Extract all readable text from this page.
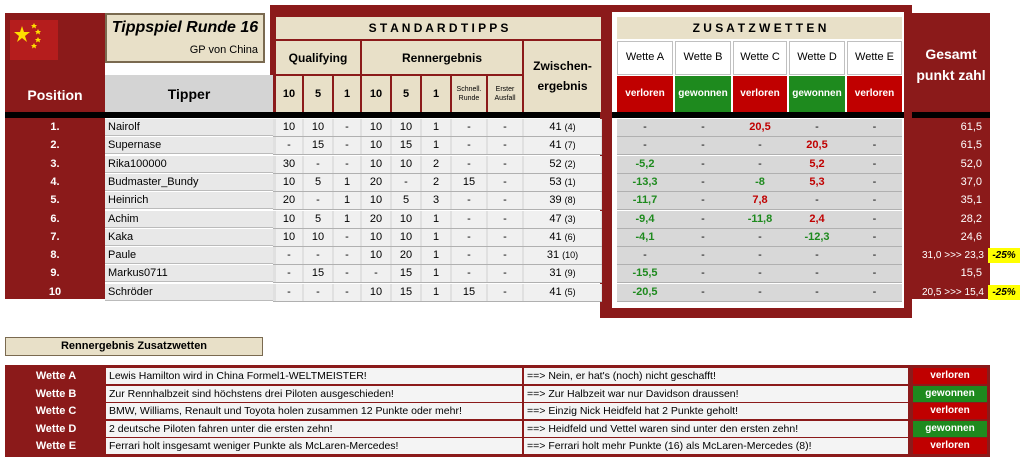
Tippspiel Runde 16
GP von China
S T A N D A R D T I P P S	Z U S A T Z W E T T E N
Gesamt punkt zahl
Position	Tipper
Qualifying	Rennergebnis
Zwischen-ergebnis
10	5	1	10	5	1	Schnell. Runde
Erster Ausfall
Rennergebnis Zusatzwetten
Wette A
verloren
Wette B
gewonnen
Wette C
verloren
Wette D
gewonnen
Wette E
verloren
1.	Nairolf	10	10	-	10	10	1	-	-	41 (4)	-	-	20,5	-	-	61,5
2.	Supernase	-	15	-	10	15	1	-	-	41 (7)	-	-	-	20,5	-	61,5
3.	Rika100000	30	-	-	10	10	2	-	-	52 (2)	-5,2	-	-	5,2	-	52,0
4.	Budmaster_Bundy	10	5	1	20	-	2	15	-	53 (1)	-13,3	-	-8	5,3	-	37,0
5.	Heinrich	20	-	1	10	5	3	-	-	39 (8)	-11,7	-	7,8	-	-	35,1
6.	Achim	10	5	1	20	10	1	-	-	47 (3)	-9,4	-	-11,8	2,4	-	28,2
7.	Kaka	10	10	-	10	10	1	-	-	41 (6)	-4,1	-	-	-12,3	-	24,6
8.	Paule	-	-	-	10	20	1	-	-	31 (10)	-	-	-	-	-	31,0 >>> 23,3 -25%
9.	Markus0711	-	15	-	-	15	1	-	-	31 (9)	-15,5	-	-	-	-	15,5
10	Schröder	-	-	-	10	15	1	15	-	41 (5)	-20,5	-	-	-	-	20,5 >>> 15,4 -25%
Wette A	Lewis Hamilton wird in China Formel1-WELTMEISTER!	==> Nein, er hat's (noch) nicht geschafft!	verloren
Wette B	Zur Rennhalbzeit sind höchstens drei Piloten ausgeschieden!	==> Zur Halbzeit war nur Davidson draussen!	gewonnen
Wette C	BMW, Williams, Renault und Toyota holen zusammen 12 Punkte oder mehr!	==> Einzig Nick Heidfeld hat 2 Punkte geholt!	verloren
Wette D	2 deutsche Piloten fahren unter die ersten zehn!	==> Heidfeld und Vettel waren sind unter den ersten zehn!	gewonnen
Wette E	Ferrari holt insgesamt weniger Punkte als McLaren-Mercedes!	==> Ferrari holt mehr Punkte (16) als McLaren-Mercedes (8)!	verloren
